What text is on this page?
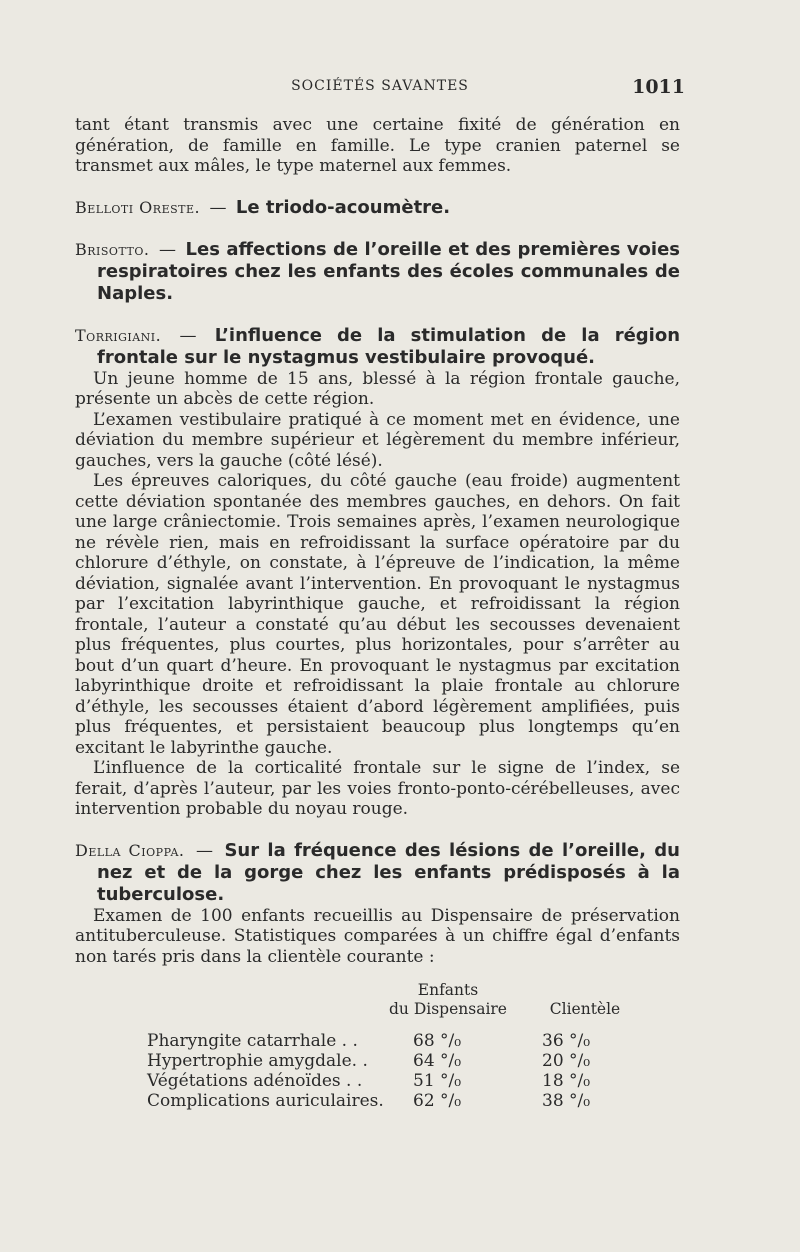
SOCIÉTÉS SAVANTES	1011

tant étant transmis avec une certaine fixité de génération en génération, de famille en famille. Le type cranien paternel se transmet aux mâles, le type maternel aux femmes.

Belloti Oreste. — Le triodo-acoumètre.

Brisotto. — Les affections de l’oreille et des premières voies respiratoires chez les enfants des écoles communales de Naples.

Torrigiani. — L’influence de la stimulation de la région frontale sur le nystagmus vestibulaire provoqué.

Un jeune homme de 15 ans, blessé à la région frontale gauche, présente un abcès de cette région.

L’examen vestibulaire pratiqué à ce moment met en évidence, une déviation du membre supérieur et légèrement du membre inférieur, gauches, vers la gauche (côté lésé).

Les épreuves caloriques, du côté gauche (eau froide) augmentent cette déviation spontanée des membres gauches, en dehors. On fait une large crâniectomie. Trois semaines après, l’examen neurologique ne révèle rien, mais en refroidissant la surface opératoire par du chlorure d’éthyle, on constate, à l’épreuve de l’indication, la même déviation, signalée avant l’intervention. En provoquant le nystagmus par l’excitation labyrinthique gauche, et refroidissant la région frontale, l’auteur a constaté qu’au début les secousses devenaient plus fréquentes, plus courtes, plus horizontales, pour s’arrêter au bout d’un quart d’heure. En provoquant le nystagmus par excitation labyrinthique droite et refroidissant la plaie frontale au chlorure d’éthyle, les secousses étaient d’abord légèrement amplifiées, puis plus fréquentes, et persistaient beaucoup plus longtemps qu’en excitant le labyrinthe gauche.

L’influence de la corticalité frontale sur le signe de l’index, se ferait, d’après l’auteur, par les voies fronto-ponto-cérébelleuses, avec intervention probable du noyau rouge.

Della Cioppa. — Sur la fréquence des lésions de l’oreille, du nez et de la gorge chez les enfants prédisposés à la tuberculose.

Examen de 100 enfants recueillis au Dispensaire de préservation antituberculeuse. Statistiques comparées à un chiffre égal d’enfants non tarés pris dans la clientèle courante :

Enfants
du Dispensaire	Clientèle
Pharyngite catarrhale . .	68 °/₀	36 °/₀
Hypertrophie amygdale. .	64 °/₀	20 °/₀
Végétations adénoïdes . .	51 °/₀	18 °/₀
Complications auriculaires. 62 °/₀	38 °/₀
